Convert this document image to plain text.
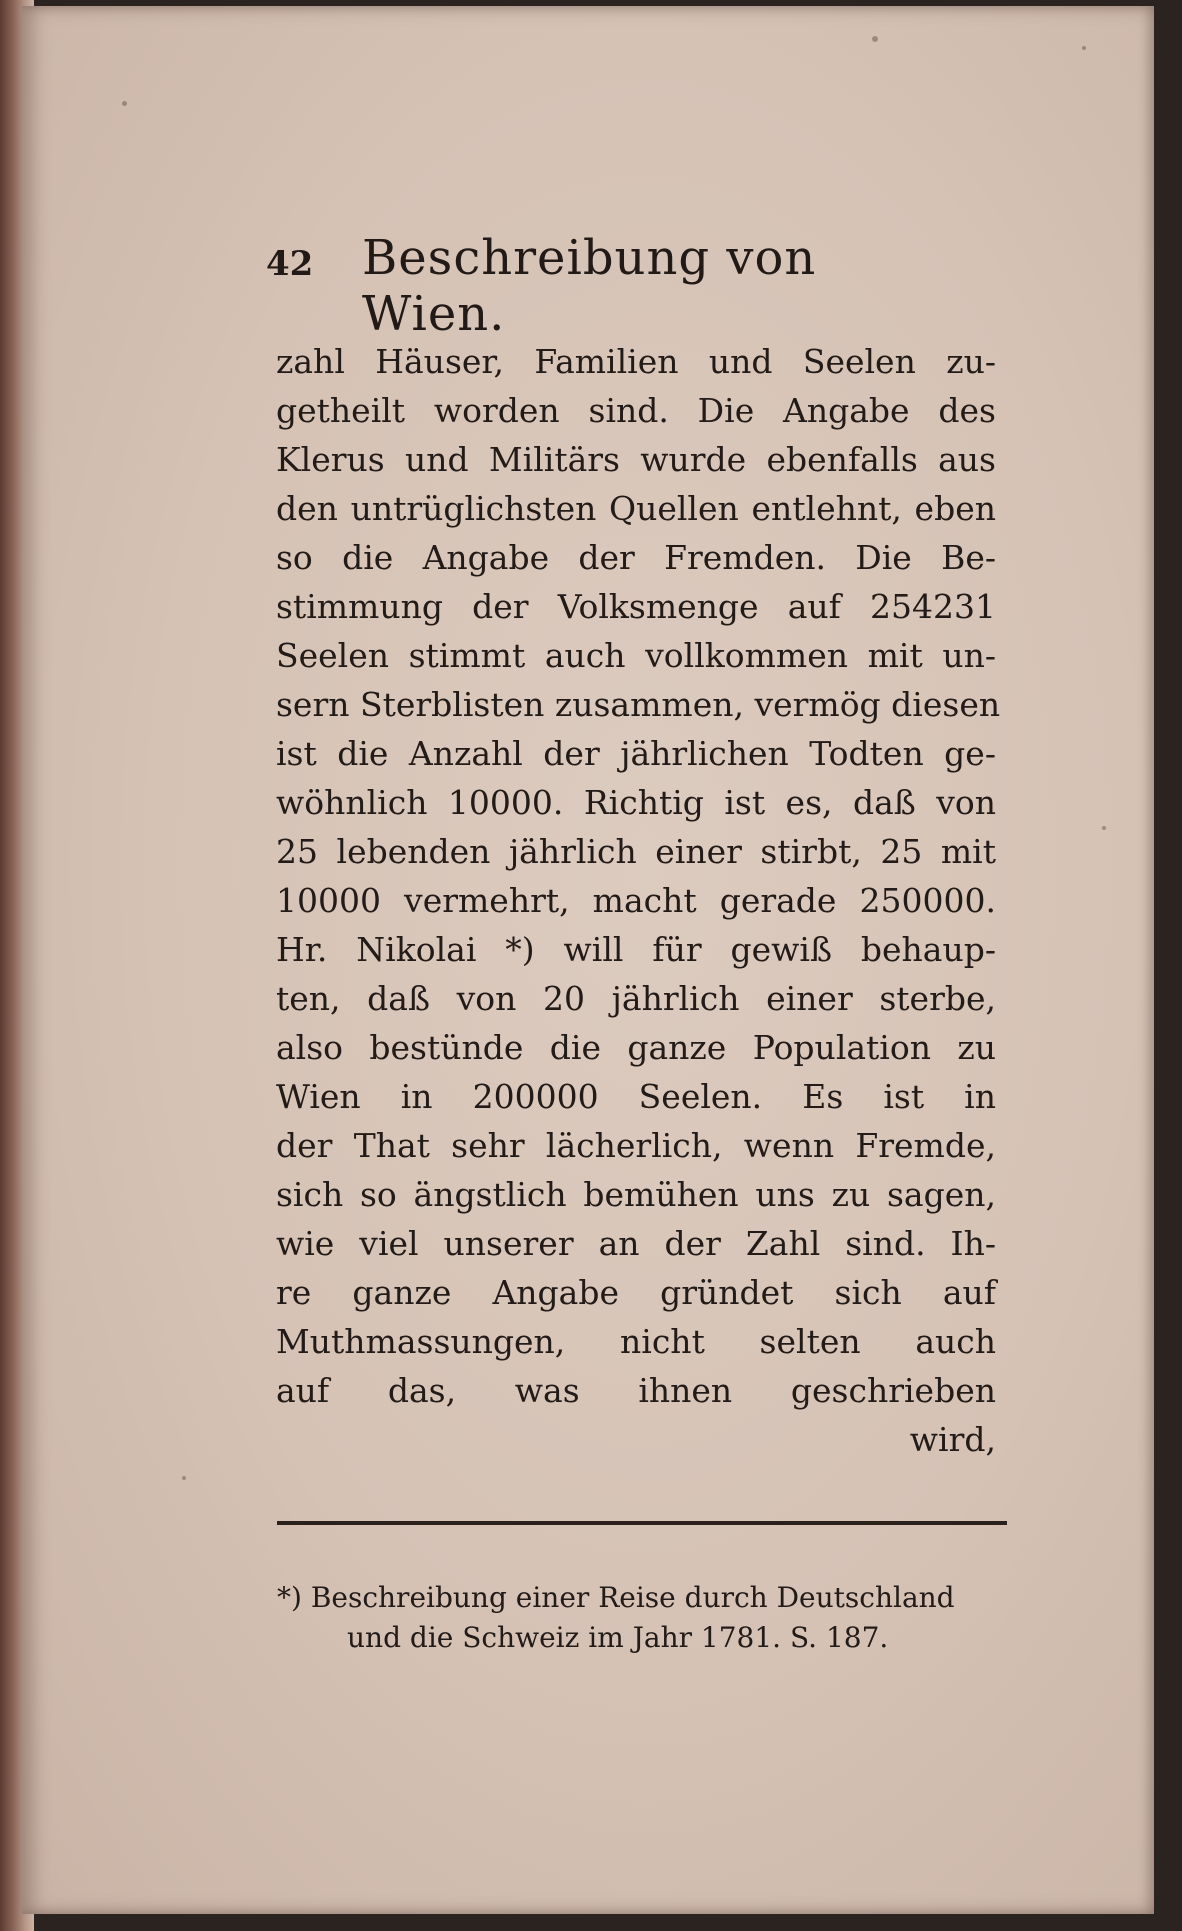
42 Beschreibung von Wien.
zahl Häuser, Familien und Seelen zu-
getheilt worden sind. Die Angabe des
Klerus und Militärs wurde ebenfalls aus
den untrüglichsten Quellen entlehnt, eben
so die Angabe der Fremden. Die Be-
stimmung der Volksmenge auf 254231
Seelen stimmt auch vollkommen mit un-
sern Sterblisten zusammen, vermög diesen
ist die Anzahl der jährlichen Todten ge-
wöhnlich 10000. Richtig ist es, daß von
25 lebenden jährlich einer stirbt, 25 mit
10000 vermehrt, macht gerade 250000.
Hr. Nikolai *) will für gewiß behaup-
ten, daß von 20 jährlich einer sterbe,
also bestünde die ganze Population zu
Wien in 200000 Seelen. Es ist in
der That sehr lächerlich, wenn Fremde,
sich so ängstlich bemühen uns zu sagen,
wie viel unserer an der Zahl sind. Ih-
re ganze Angabe gründet sich auf
Muthmassungen, nicht selten auch
auf das, was ihnen geschrieben
wird,
*) Beschreibung einer Reise durch Deutschland
und die Schweiz im Jahr 1781. S. 187.
